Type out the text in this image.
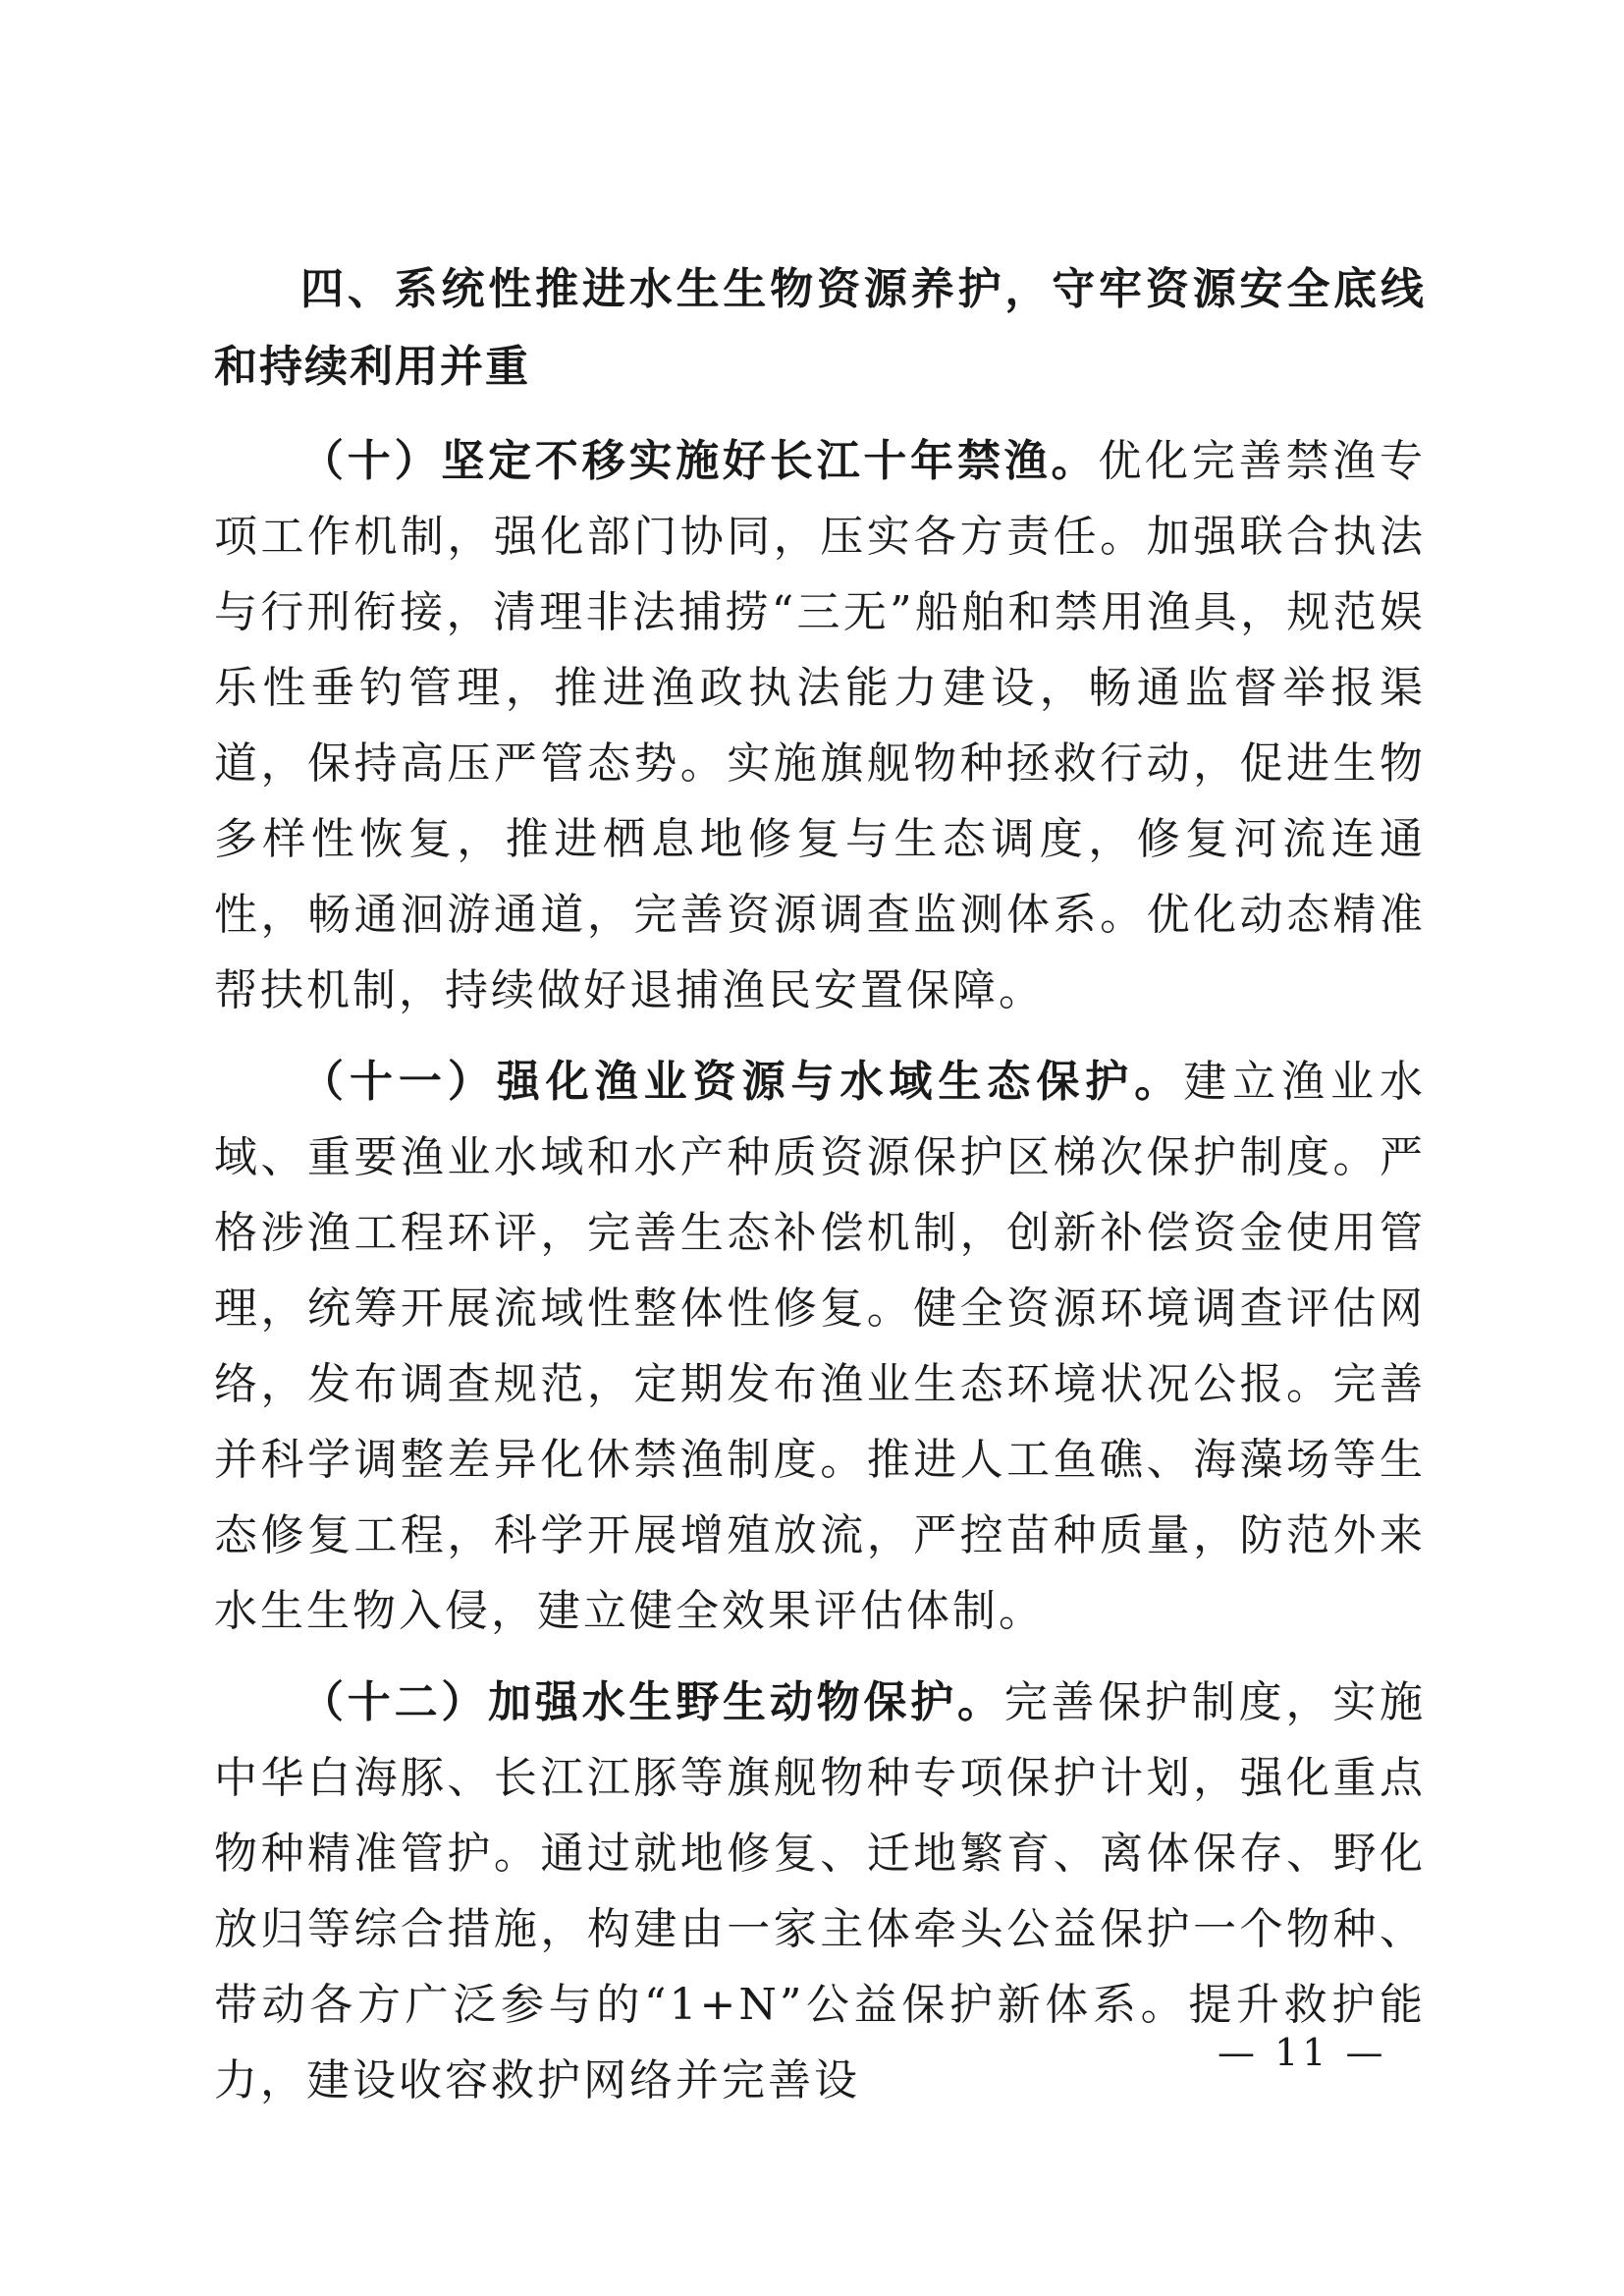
四、系统性推进水生生物资源养护，守牢资源安全底线和持续利用并重

（十）坚定不移实施好长江十年禁渔。优化完善禁渔专项工作机制，强化部门协同，压实各方责任。加强联合执法与行刑衔接，清理非法捕捞“三无”船舶和禁用渔具，规范娱乐性垂钓管理，推进渔政执法能力建设，畅通监督举报渠道，保持高压严管态势。实施旗舰物种拯救行动，促进生物多样性恢复，推进栖息地修复与生态调度，修复河流连通性，畅通洄游通道，完善资源调查监测体系。优化动态精准帮扶机制，持续做好退捕渔民安置保障。

（十一）强化渔业资源与水域生态保护。建立渔业水域、重要渔业水域和水产种质资源保护区梯次保护制度。严格涉渔工程环评，完善生态补偿机制，创新补偿资金使用管理，统筹开展流域性整体性修复。健全资源环境调查评估网络，发布调查规范，定期发布渔业生态环境状况公报。完善并科学调整差异化休禁渔制度。推进人工鱼礁、海藻场等生态修复工程，科学开展增殖放流，严控苗种质量，防范外来水生生物入侵，建立健全效果评估体制。

（十二）加强水生野生动物保护。完善保护制度，实施中华白海豚、长江江豚等旗舰物种专项保护计划，强化重点物种精准管护。通过就地修复、迁地繁育、离体保存、野化放归等综合措施，构建由一家主体牵头公益保护一个物种、带动各方广泛参与的“1+N”公益保护新体系。提升救护能力，建设收容救护网络并完善设

— 11 —
